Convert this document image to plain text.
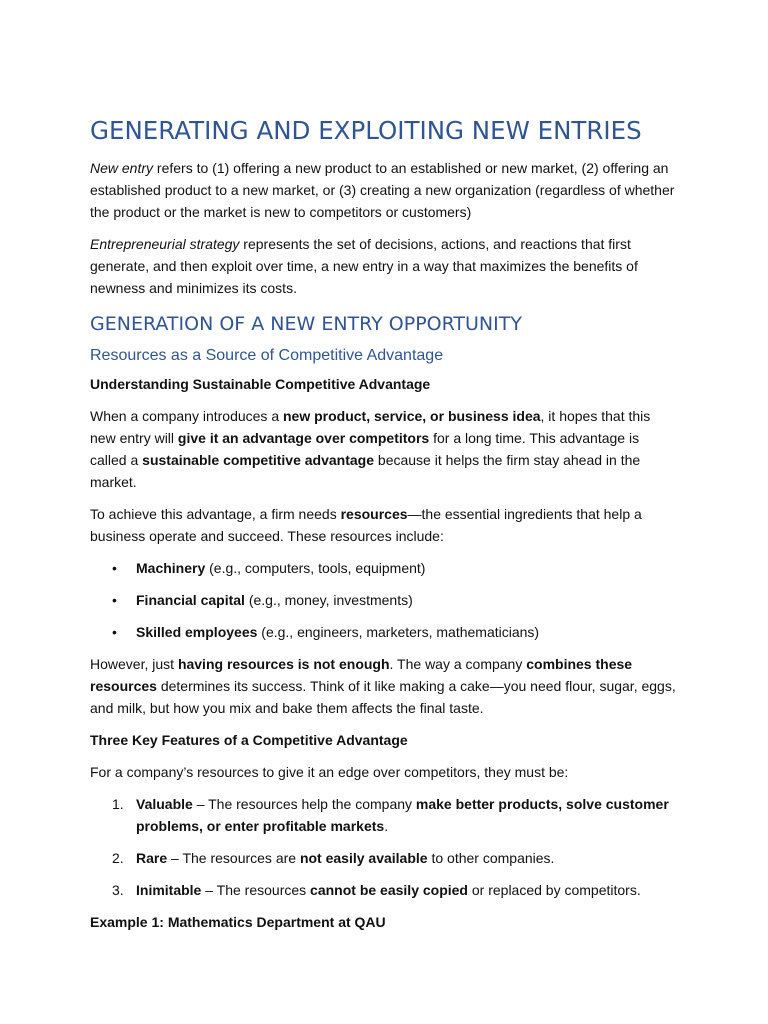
GENERATING AND EXPLOITING NEW ENTRIES

New entry refers to (1) offering a new product to an established or new market, (2) offering an established product to a new market, or (3) creating a new organization (regardless of whether the product or the market is new to competitors or customers)

Entrepreneurial strategy represents the set of decisions, actions, and reactions that first generate, and then exploit over time, a new entry in a way that maximizes the benefits of newness and minimizes its costs.

GENERATION OF A NEW ENTRY OPPORTUNITY
Resources as a Source of Competitive Advantage
Understanding Sustainable Competitive Advantage

When a company introduces a new product, service, or business idea, it hopes that this new entry will give it an advantage over competitors for a long time. This advantage is called a sustainable competitive advantage because it helps the firm stay ahead in the market.

To achieve this advantage, a firm needs resources—the essential ingredients that help a business operate and succeed. These resources include:

• Machinery (e.g., computers, tools, equipment)
• Financial capital (e.g., money, investments)
• Skilled employees (e.g., engineers, marketers, mathematicians)

However, just having resources is not enough. The way a company combines these resources determines its success. Think of it like making a cake—you need flour, sugar, eggs, and milk, but how you mix and bake them affects the final taste.

Three Key Features of a Competitive Advantage

For a company’s resources to give it an edge over competitors, they must be:

1. Valuable – The resources help the company make better products, solve customer problems, or enter profitable markets.
2. Rare – The resources are not easily available to other companies.
3. Inimitable – The resources cannot be easily copied or replaced by competitors.
Example 1: Mathematics Department at QAU
